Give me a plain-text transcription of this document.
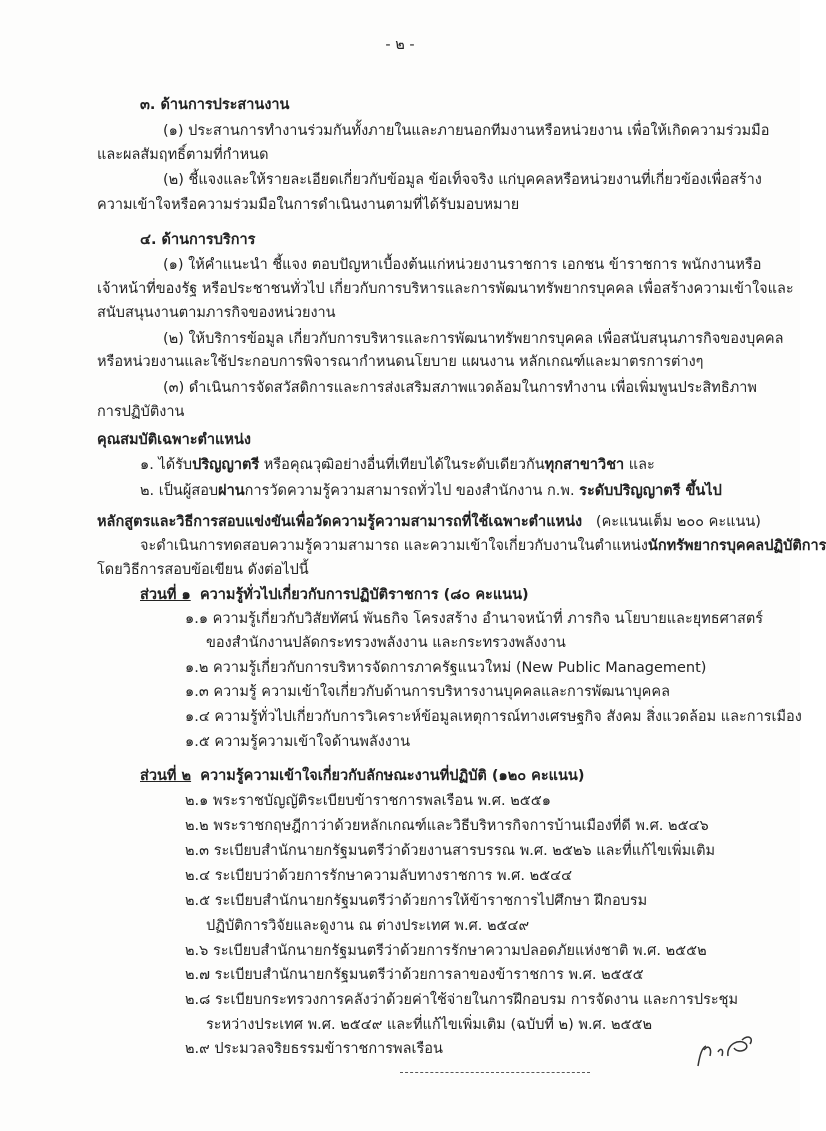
- ๒ -
๓. ด้านการประสานงาน
(๑) ประสานการทำงานร่วมกันทั้งภายในและภายนอกทีมงานหรือหน่วยงาน เพื่อให้เกิดความร่วมมือ
และผลสัมฤทธิ์ตามที่กำหนด
(๒) ชี้แจงและให้รายละเอียดเกี่ยวกับข้อมูล ข้อเท็จจริง แก่บุคคลหรือหน่วยงานที่เกี่ยวข้องเพื่อสร้าง
ความเข้าใจหรือความร่วมมือในการดำเนินงานตามที่ได้รับมอบหมาย
๔. ด้านการบริการ
(๑) ให้คำแนะนำ ชี้แจง ตอบปัญหาเบื้องต้นแก่หน่วยงานราชการ เอกชน ข้าราชการ พนักงานหรือ
เจ้าหน้าที่ของรัฐ หรือประชาชนทั่วไป เกี่ยวกับการบริหารและการพัฒนาทรัพยากรบุคคล เพื่อสร้างความเข้าใจและ
สนับสนุนงานตามภารกิจของหน่วยงาน
(๒) ให้บริการข้อมูล เกี่ยวกับการบริหารและการพัฒนาทรัพยากรบุคคล เพื่อสนับสนุนภารกิจของบุคคล
หรือหน่วยงานและใช้ประกอบการพิจารณากำหนดนโยบาย แผนงาน หลักเกณฑ์และมาตรการต่างๆ
(๓) ดำเนินการจัดสวัสดิการและการส่งเสริมสภาพแวดล้อมในการทำงาน เพื่อเพิ่มพูนประสิทธิภาพ
การปฏิบัติงาน
คุณสมบัติเฉพาะตำแหน่ง
๑. ได้รับปริญญาตรี หรือคุณวุฒิอย่างอื่นที่เทียบได้ในระดับเดียวกันทุกสาขาวิชา และ
๒. เป็นผู้สอบผ่านการวัดความรู้ความสามารถทั่วไป ของสำนักงาน ก.พ. ระดับปริญญาตรี ขึ้นไป
หลักสูตรและวิธีการสอบแข่งขันเพื่อวัดความรู้ความสามารถที่ใช้เฉพาะตำแหน่ง (คะแนนเต็ม ๒๐๐ คะแนน)
จะดำเนินการทดสอบความรู้ความสามารถ และความเข้าใจเกี่ยวกับงานในตำแหน่งนักทรัพยากรบุคคลปฏิบัติการ
โดยวิธีการสอบข้อเขียน ดังต่อไปนี้
ส่วนที่ ๑ ความรู้ทั่วไปเกี่ยวกับการปฏิบัติราชการ (๘๐ คะแนน)
๑.๑ ความรู้เกี่ยวกับวิสัยทัศน์ พันธกิจ โครงสร้าง อำนาจหน้าที่ ภารกิจ นโยบายและยุทธศาสตร์
ของสำนักงานปลัดกระทรวงพลังงาน และกระทรวงพลังงาน
๑.๒ ความรู้เกี่ยวกับการบริหารจัดการภาครัฐแนวใหม่ (New Public Management)
๑.๓ ความรู้ ความเข้าใจเกี่ยวกับด้านการบริหารงานบุคคลและการพัฒนาบุคคล
๑.๔ ความรู้ทั่วไปเกี่ยวกับการวิเคราะห์ข้อมูลเหตุการณ์ทางเศรษฐกิจ สังคม สิ่งแวดล้อม และการเมือง
๑.๕ ความรู้ความเข้าใจด้านพลังงาน
ส่วนที่ ๒ ความรู้ความเข้าใจเกี่ยวกับลักษณะงานที่ปฏิบัติ (๑๒๐ คะแนน)
๒.๑ พระราชบัญญัติระเบียบข้าราชการพลเรือน พ.ศ. ๒๕๕๑
๒.๒ พระราชกฤษฎีกาว่าด้วยหลักเกณฑ์และวิธีบริหารกิจการบ้านเมืองที่ดี พ.ศ. ๒๕๔๖
๒.๓ ระเบียบสำนักนายกรัฐมนตรีว่าด้วยงานสารบรรณ พ.ศ. ๒๕๒๖ และที่แก้ไขเพิ่มเติม
๒.๔ ระเบียบว่าด้วยการรักษาความลับทางราชการ พ.ศ. ๒๕๔๔
๒.๕ ระเบียบสำนักนายกรัฐมนตรีว่าด้วยการให้ข้าราชการไปศึกษา ฝึกอบรม
ปฏิบัติการวิจัยและดูงาน ณ ต่างประเทศ พ.ศ. ๒๕๔๙
๒.๖ ระเบียบสำนักนายกรัฐมนตรีว่าด้วยการรักษาความปลอดภัยแห่งชาติ พ.ศ. ๒๕๕๒
๒.๗ ระเบียบสำนักนายกรัฐมนตรีว่าด้วยการลาของข้าราชการ พ.ศ. ๒๕๕๕
๒.๘ ระเบียบกระทรวงการคลังว่าด้วยค่าใช้จ่ายในการฝึกอบรม การจัดงาน และการประชุม
ระหว่างประเทศ พ.ศ. ๒๕๔๙ และที่แก้ไขเพิ่มเติม (ฉบับที่ ๒) พ.ศ. ๒๕๕๒
๒.๙ ประมวลจริยธรรมข้าราชการพลเรือน
